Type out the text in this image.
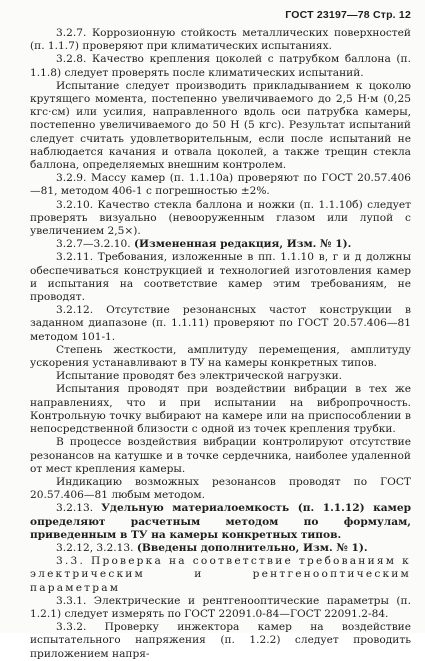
ГОСТ 23197—78 Стр. 12

3.2.7. Коррозионную стойкость металлических поверхностей (п. 1.1.7) проверяют при климатических испытаниях.

3.2.8. Качество крепления цоколей с патрубком баллона (п. 1.1.8) следует проверять после климатических испытаний.

Испытание следует производить прикладыванием к цоколю крутящего момента, постепенно увеличиваемого до 2,5 Н·м (0,25 кгс·см) или усилия, направленного вдоль оси патрубка камеры, постепенно увеличиваемого до 50 Н (5 кгс). Результат испытаний следует считать удовлетворительным, если после испытаний не наблюдается качания и отвала цоколей, а также трещин стекла баллона, определяемых внешним контролем.

3.2.9. Массу камер (п. 1.1.10а) проверяют по ГОСТ 20.57.406—81, методом 406-1 с погрешностью ±2%.

3.2.10. Качество стекла баллона и ножки (п. 1.1.10б) следует проверять визуально (невооруженным глазом или лупой с увеличением 2,5×).

3.2.7—3.2.10. (Измененная редакция, Изм. № 1).

3.2.11. Требования, изложенные в пп. 1.1.10 в, г и д должны обеспечиваться конструкцией и технологией изготовления камер и испытания на соответствие камер этим требованиям, не проводят.

3.2.12. Отсутствие резонансных частот конструкции в заданном диапазоне (п. 1.1.11) проверяют по ГОСТ 20.57.406—81 методом 101-1.

Степень жесткости, амплитуду перемещения, амплитуду ускорения устанавливают в ТУ на камеры конкретных типов.

Испытание проводят без электрической нагрузки.

Испытания проводят при воздействии вибрации в тех же направлениях, что и при испытании на вибропрочность. Контрольную точку выбирают на камере или на приспособлении в непосредственной близости с одной из точек крепления трубки.

В процессе воздействия вибрации контролируют отсутствие резонансов на катушке и в точке сердечника, наиболее удаленной от мест крепления камеры.

Индикацию возможных резонансов проводят по ГОСТ 20.57.406—81 любым методом.

3.2.13. Удельную материалоемкость (п. 1.1.12) камер определяют расчетным методом по формулам, приведенным в ТУ на камеры конкретных типов.

3.2.12, 3.2.13. (Введены дополнительно, Изм. № 1).

3.3. Проверка на соответствие требованиям к электрическим и рентгенооптическим параметрам

3.3.1. Электрические и рентгенооптические параметры (п. 1.2.1) следует измерять по ГОСТ 22091.0-84—ГОСТ 22091.2-84.

3.3.2. Проверку инжектора камер на воздействие испытательного напряжения (п. 1.2.2) следует проводить приложением напря-
